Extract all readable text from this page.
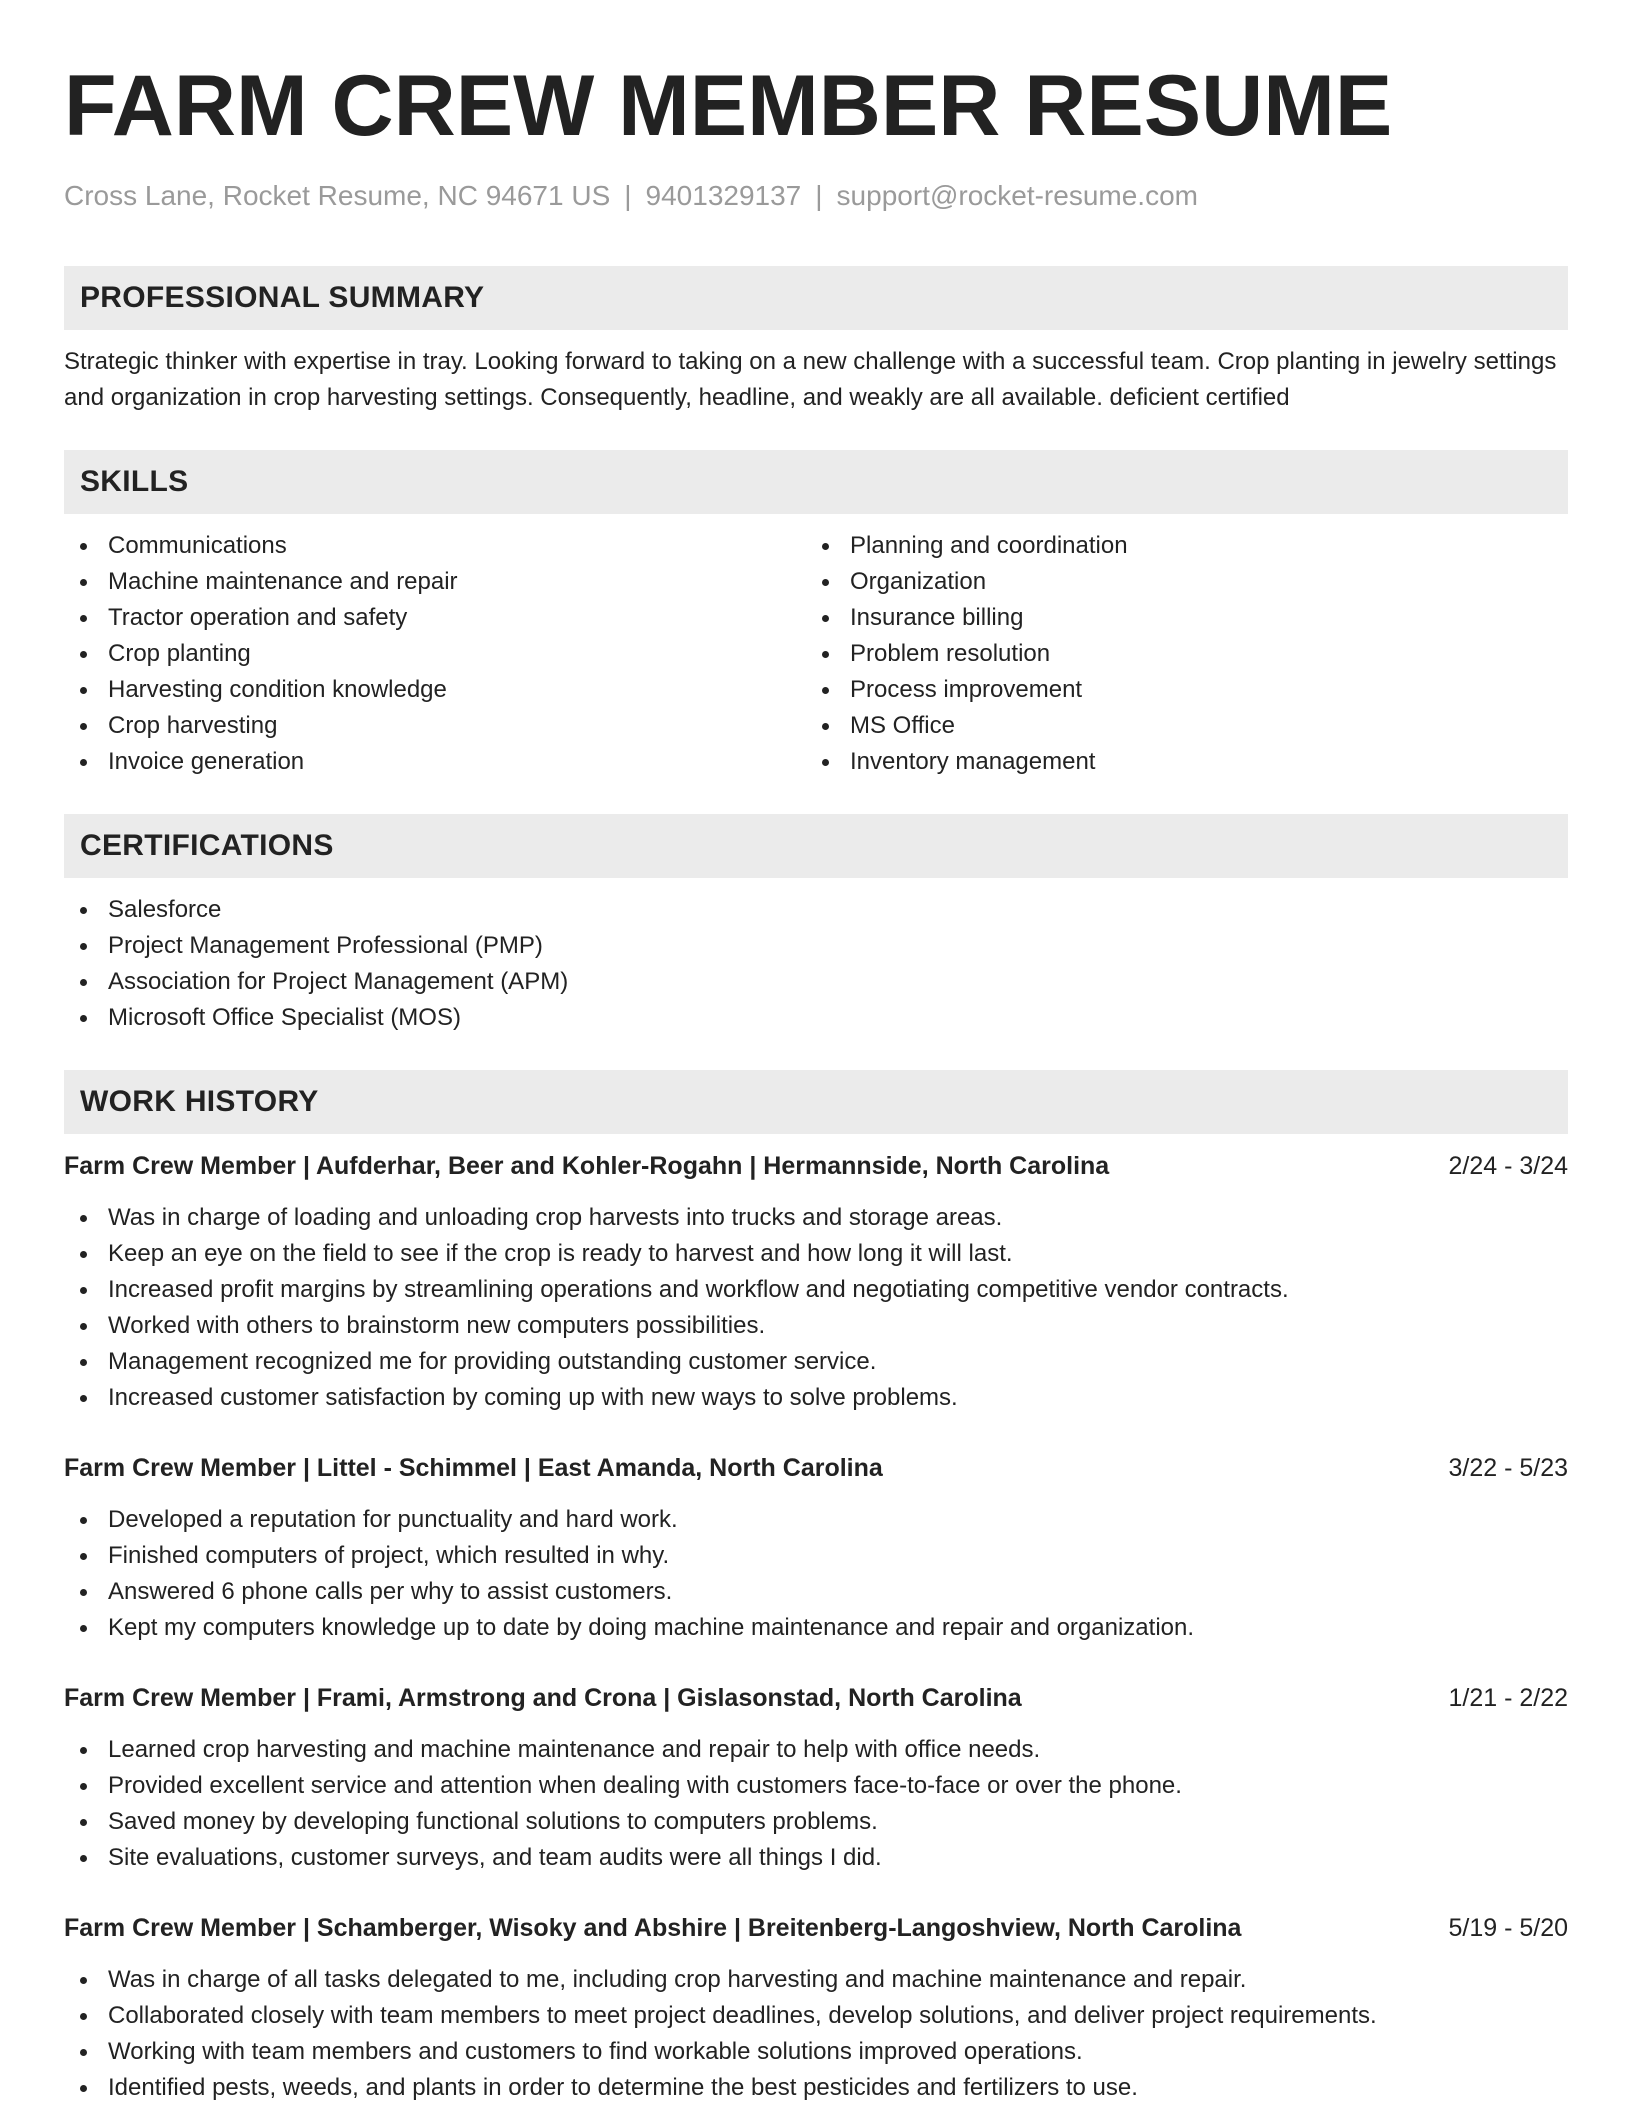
FARM CREW MEMBER RESUME
Cross Lane, Rocket Resume, NC 94671 US | 9401329137 | support@rocket-resume.com
PROFESSIONAL SUMMARY

Strategic thinker with expertise in tray. Looking forward to taking on a new challenge with a successful team. Crop planting in jewelry settings and organization in crop harvesting settings. Consequently, headline, and weakly are all available. deficient certified

SKILLS
Communications
Machine maintenance and repair
Tractor operation and safety
Crop planting
Harvesting condition knowledge
Crop harvesting
Invoice generation
Planning and coordination
Organization
Insurance billing
Problem resolution
Process improvement
MS Office
Inventory management
CERTIFICATIONS
Salesforce
Project Management Professional (PMP)
Association for Project Management (APM)
Microsoft Office Specialist (MOS)
WORK HISTORY
Farm Crew Member | Aufderhar, Beer and Kohler-Rogahn | Hermannside, North Carolina	2/24 - 3/24
Was in charge of loading and unloading crop harvests into trucks and storage areas.
Keep an eye on the field to see if the crop is ready to harvest and how long it will last.
Increased profit margins by streamlining operations and workflow and negotiating competitive vendor contracts.
Worked with others to brainstorm new computers possibilities.
Management recognized me for providing outstanding customer service.
Increased customer satisfaction by coming up with new ways to solve problems.
Farm Crew Member | Littel - Schimmel | East Amanda, North Carolina	3/22 - 5/23
Developed a reputation for punctuality and hard work.
Finished computers of project, which resulted in why.
Answered 6 phone calls per why to assist customers.
Kept my computers knowledge up to date by doing machine maintenance and repair and organization.
Farm Crew Member | Frami, Armstrong and Crona | Gislasonstad, North Carolina	1/21 - 2/22
Learned crop harvesting and machine maintenance and repair to help with office needs.
Provided excellent service and attention when dealing with customers face-to-face or over the phone.
Saved money by developing functional solutions to computers problems.
Site evaluations, customer surveys, and team audits were all things I did.
Farm Crew Member | Schamberger, Wisoky and Abshire | Breitenberg-Langoshview, North Carolina	5/19 - 5/20
Was in charge of all tasks delegated to me, including crop harvesting and machine maintenance and repair.
Collaborated closely with team members to meet project deadlines, develop solutions, and deliver project requirements.
Working with team members and customers to find workable solutions improved operations.
Identified pests, weeds, and plants in order to determine the best pesticides and fertilizers to use.
